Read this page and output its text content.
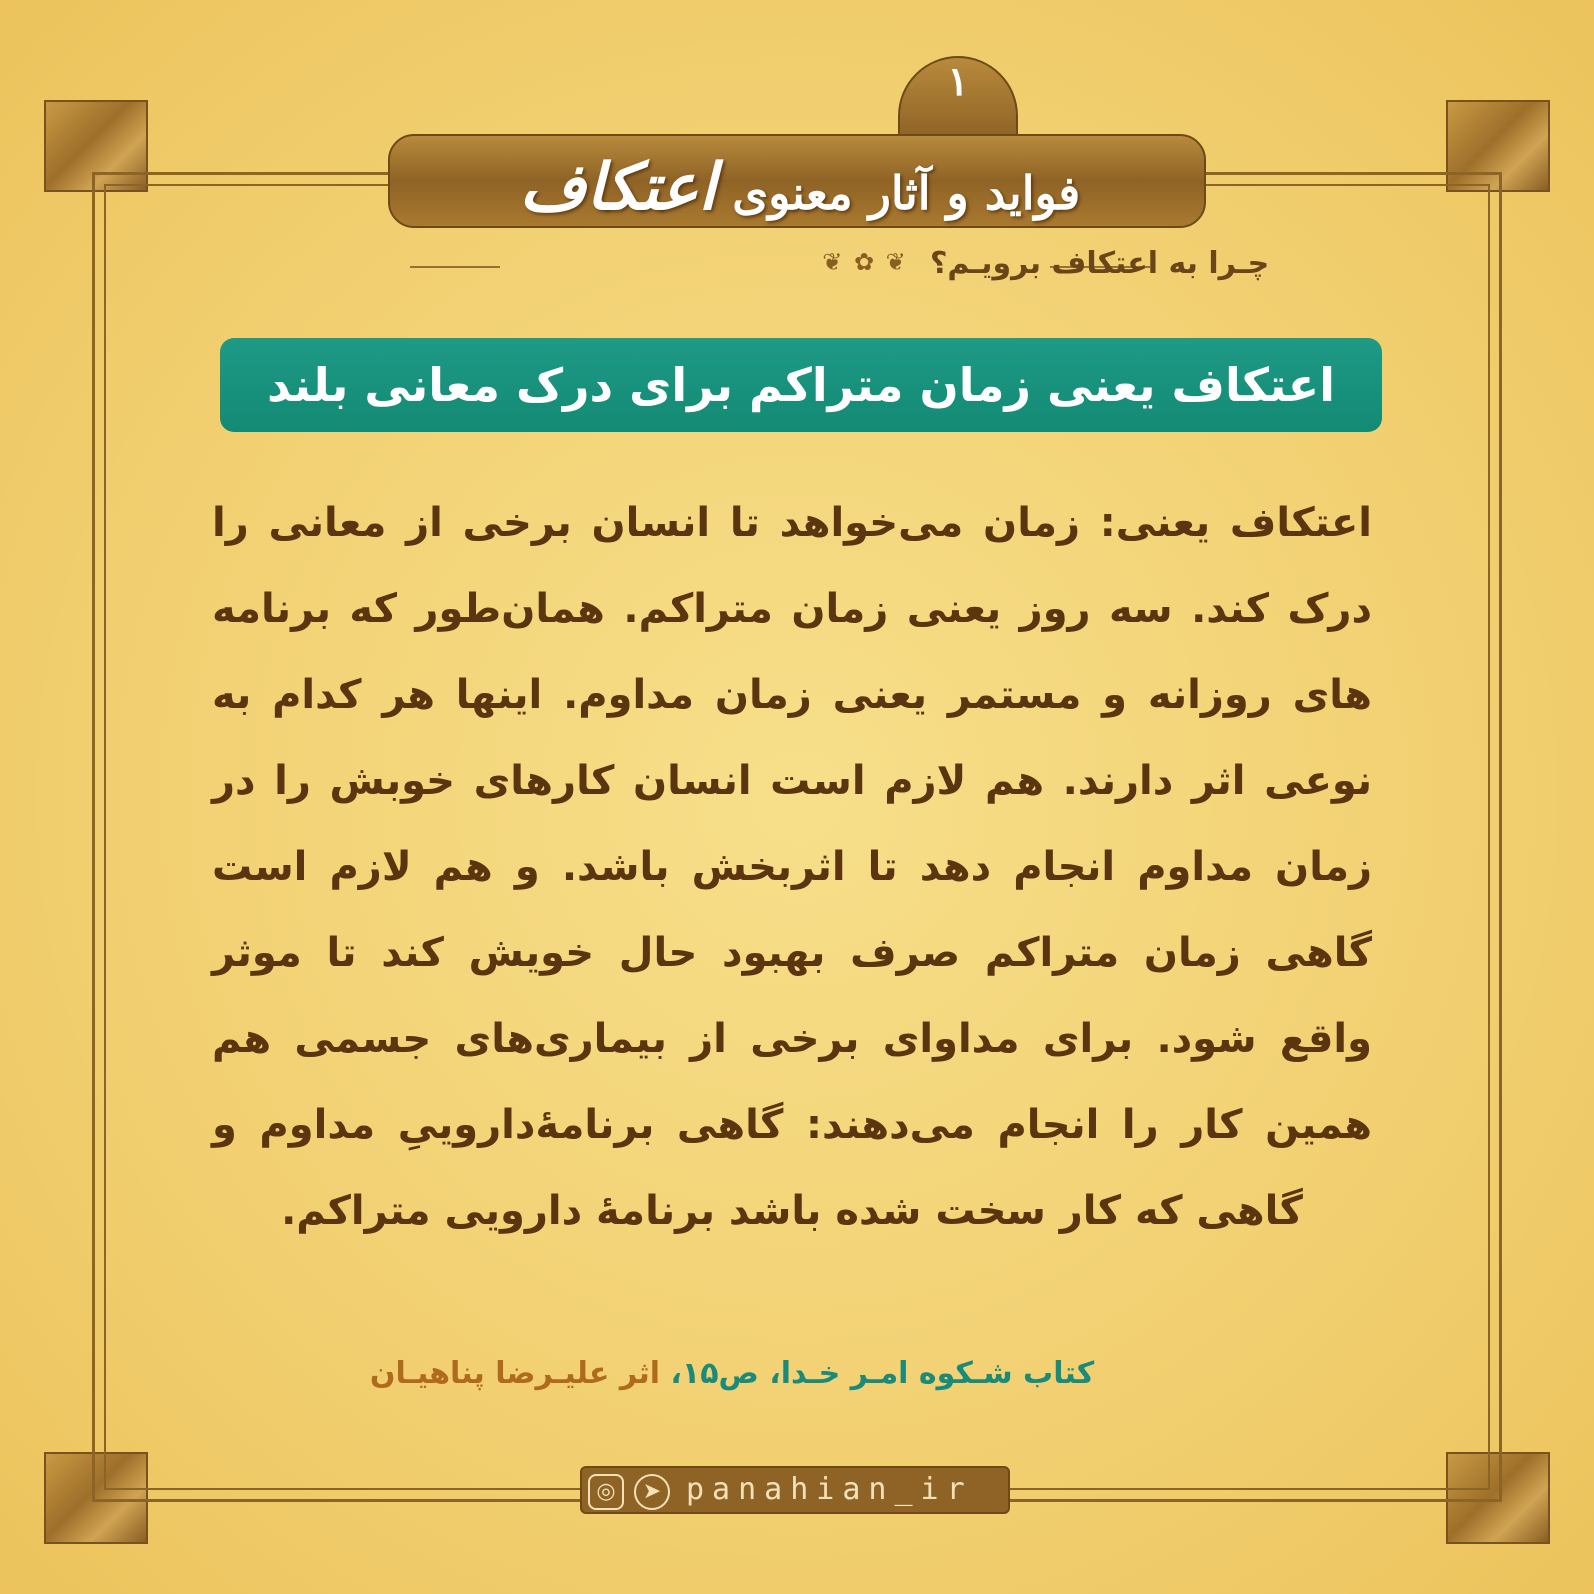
۱
فواید و آثار معنوی اعتکاف
❦ ✿ ❦ چـرا به اعتکاف برویـم؟
اعتکاف یعنی زمان متراکم برای درک معانی بلند
اعتکاف یعنی: زمان می‌خواهد تا انسان برخی از معانی را درک کند. سه روز یعنی زمان متراکم. همان‌طور که برنامه های روزانه و مستمر یعنی زمان مداوم. اینها هر کدام به نوعی اثر دارند. هم لازم است انسان کارهای خوبش را در زمان مداوم انجام دهد تا اثربخش باشد. و هم لازم است گاهی زمان متراکم صرف بهبود حال خویش کند تا موثر واقع شود. برای مداوای برخی از بیماری‌های جسمی هم همین کار را انجام می‌دهند: گاهی برنامۀداروییِ مداوم و گاهی که کار سخت شده باشد برنامۀ دارویی متراکم.
کتاب شـکوه امـر خـدا، ص۱۵، اثر علیـرضا پناهیـان
◎	➤ panahian_ir
